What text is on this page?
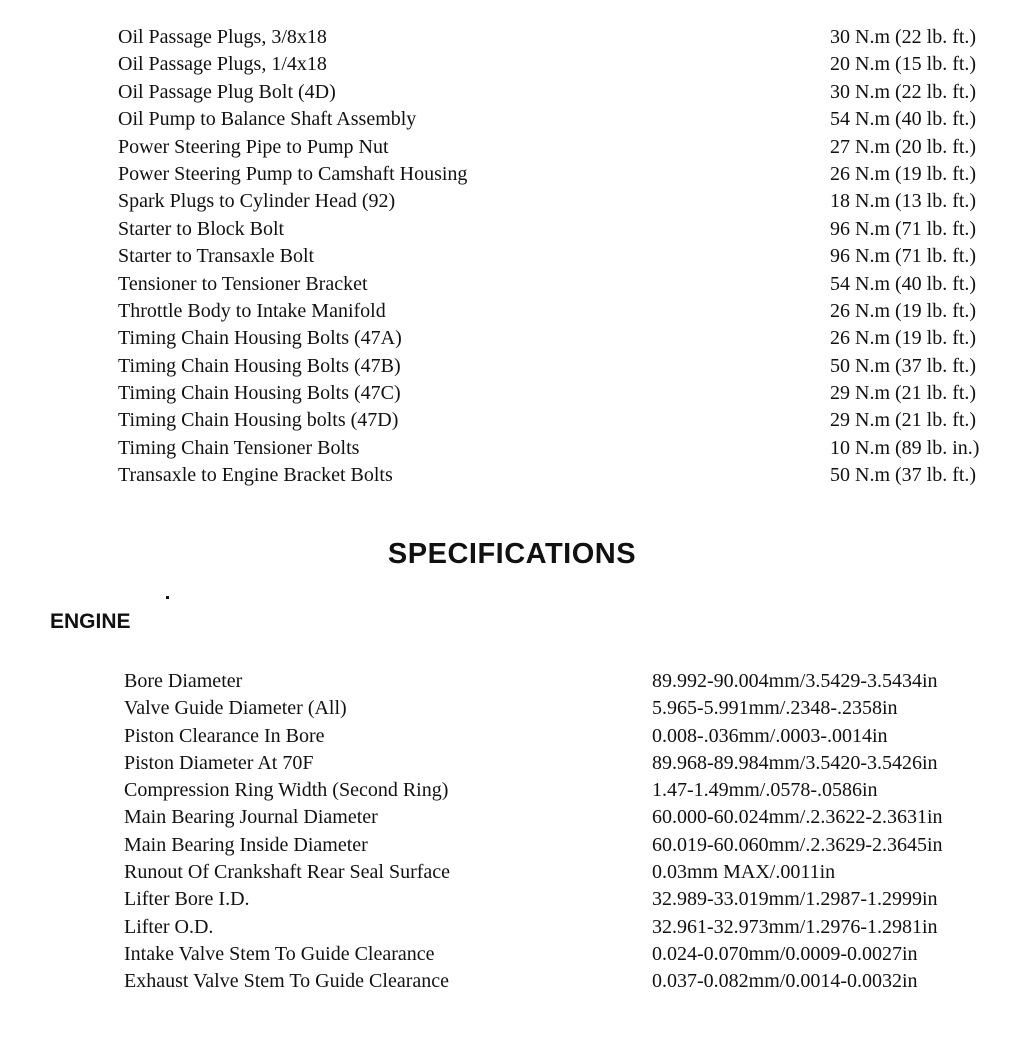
Oil Passage Plugs, 3/8x18	30 N.m (22 lb. ft.)
Oil Passage Plugs, 1/4x18	20 N.m (15 lb. ft.)
Oil Passage Plug Bolt (4D)	30 N.m (22 lb. ft.)
Oil Pump to Balance Shaft Assembly	54 N.m (40 lb. ft.)
Power Steering Pipe to Pump Nut	27 N.m (20 lb. ft.)
Power Steering Pump to Camshaft Housing	26 N.m (19 lb. ft.)
Spark Plugs to Cylinder Head (92)	18 N.m (13 lb. ft.)
Starter to Block Bolt	96 N.m (71 lb. ft.)
Starter to Transaxle Bolt	96 N.m (71 lb. ft.)
Tensioner to Tensioner Bracket	54 N.m (40 lb. ft.)
Throttle Body to Intake Manifold	26 N.m (19 lb. ft.)
Timing Chain Housing Bolts (47A)	26 N.m (19 lb. ft.)
Timing Chain Housing Bolts (47B)	50 N.m (37 lb. ft.)
Timing Chain Housing Bolts (47C)	29 N.m (21 lb. ft.)
Timing Chain Housing bolts (47D)	29 N.m (21 lb. ft.)
Timing Chain Tensioner Bolts	10 N.m (89 lb. in.)
Transaxle to Engine Bracket Bolts	50 N.m (37 lb. ft.)
SPECIFICATIONS
ENGINE
Bore Diameter	89.992-90.004mm/3.5429-3.5434in
Valve Guide Diameter (All)	5.965-5.991mm/.2348-.2358in
Piston Clearance In Bore	0.008-.036mm/.0003-.0014in
Piston Diameter At 70F	89.968-89.984mm/3.5420-3.5426in
Compression Ring Width (Second Ring)	1.47-1.49mm/.0578-.0586in
Main Bearing Journal Diameter	60.000-60.024mm/.2.3622-2.3631in
Main Bearing Inside Diameter	60.019-60.060mm/.2.3629-2.3645in
Runout Of Crankshaft Rear Seal Surface	0.03mm MAX/.0011in
Lifter Bore I.D.	32.989-33.019mm/1.2987-1.2999in
Lifter O.D.	32.961-32.973mm/1.2976-1.2981in
Intake Valve Stem To Guide Clearance	0.024-0.070mm/0.0009-0.0027in
Exhaust Valve Stem To Guide Clearance	0.037-0.082mm/0.0014-0.0032in
